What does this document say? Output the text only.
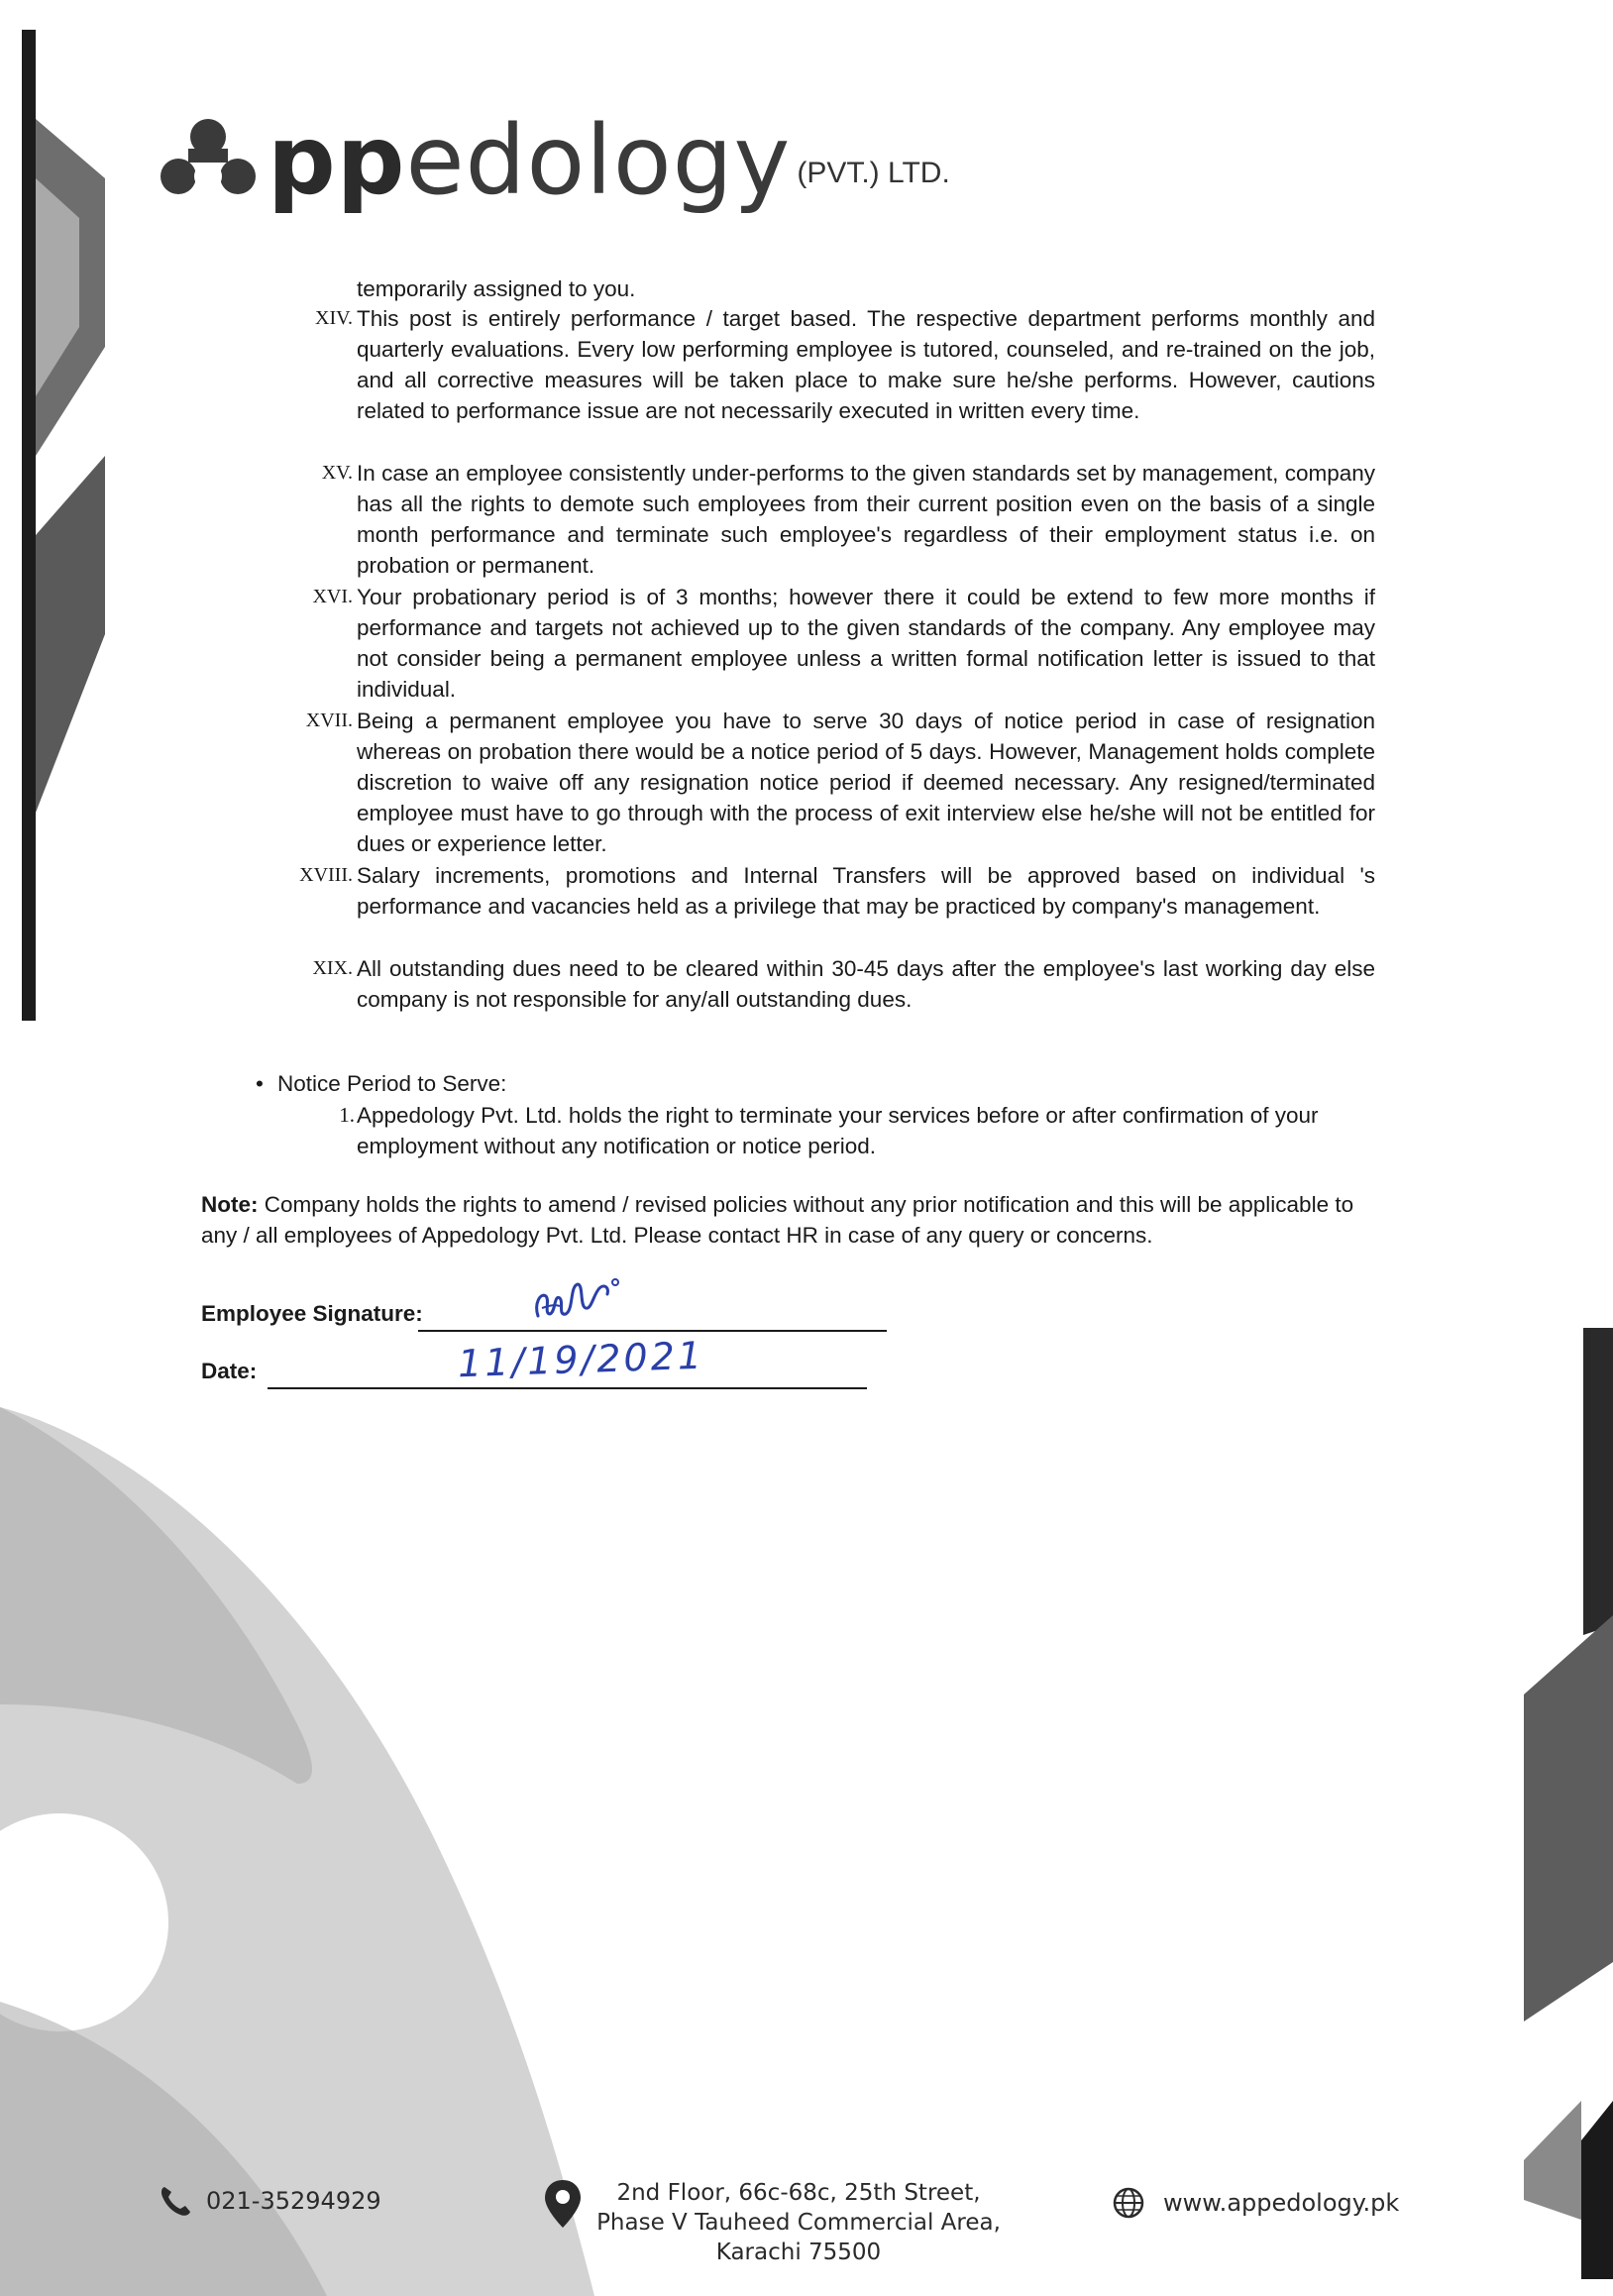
ppedology (PVT.) LTD.
temporarily assigned to you.
XIV. This post is entirely performance / target based. The respective department performs monthly and quarterly evaluations. Every low performing employee is tutored, counseled, and re-trained on the job, and all corrective measures will be taken place to make sure he/she performs. However, cautions related to performance issue are not necessarily executed in written every time.
XV. In case an employee consistently under-performs to the given standards set by management, company has all the rights to demote such employees from their current position even on the basis of a single month performance and terminate such employee's regardless of their employment status i.e. on probation or permanent.
XVI. Your probationary period is of 3 months; however there it could be extend to few more months if performance and targets not achieved up to the given standards of the company. Any employee may not consider being a permanent employee unless a written formal notification letter is issued to that individual.
XVII. Being a permanent employee you have to serve 30 days of notice period in case of resignation whereas on probation there would be a notice period of 5 days. However, Management holds complete discretion to waive off any resignation notice period if deemed necessary. Any resigned/terminated employee must have to go through with the process of exit interview else he/she will not be entitled for dues or experience letter.
XVIII. Salary increments, promotions and Internal Transfers will be approved based on individual 's performance and vacancies held as a privilege that may be practiced by company's management.
XIX. All outstanding dues need to be cleared within 30-45 days after the employee's last working day else company is not responsible for any/all outstanding dues.
• Notice Period to Serve:
1. Appedology Pvt. Ltd. holds the right to terminate your services before or after confirmation of your employment without any notification or notice period.
Note: Company holds the rights to amend / revised policies without any prior notification and this will be applicable to any / all employees of Appedology Pvt. Ltd. Please contact HR in case of any query or concerns.
Employee Signature:
Date:	11/19/2021
021-35294929	2nd Floor, 66c-68c, 25th Street,
Phase V Tauheed Commercial Area,
Karachi 75500
www.appedology.pk
